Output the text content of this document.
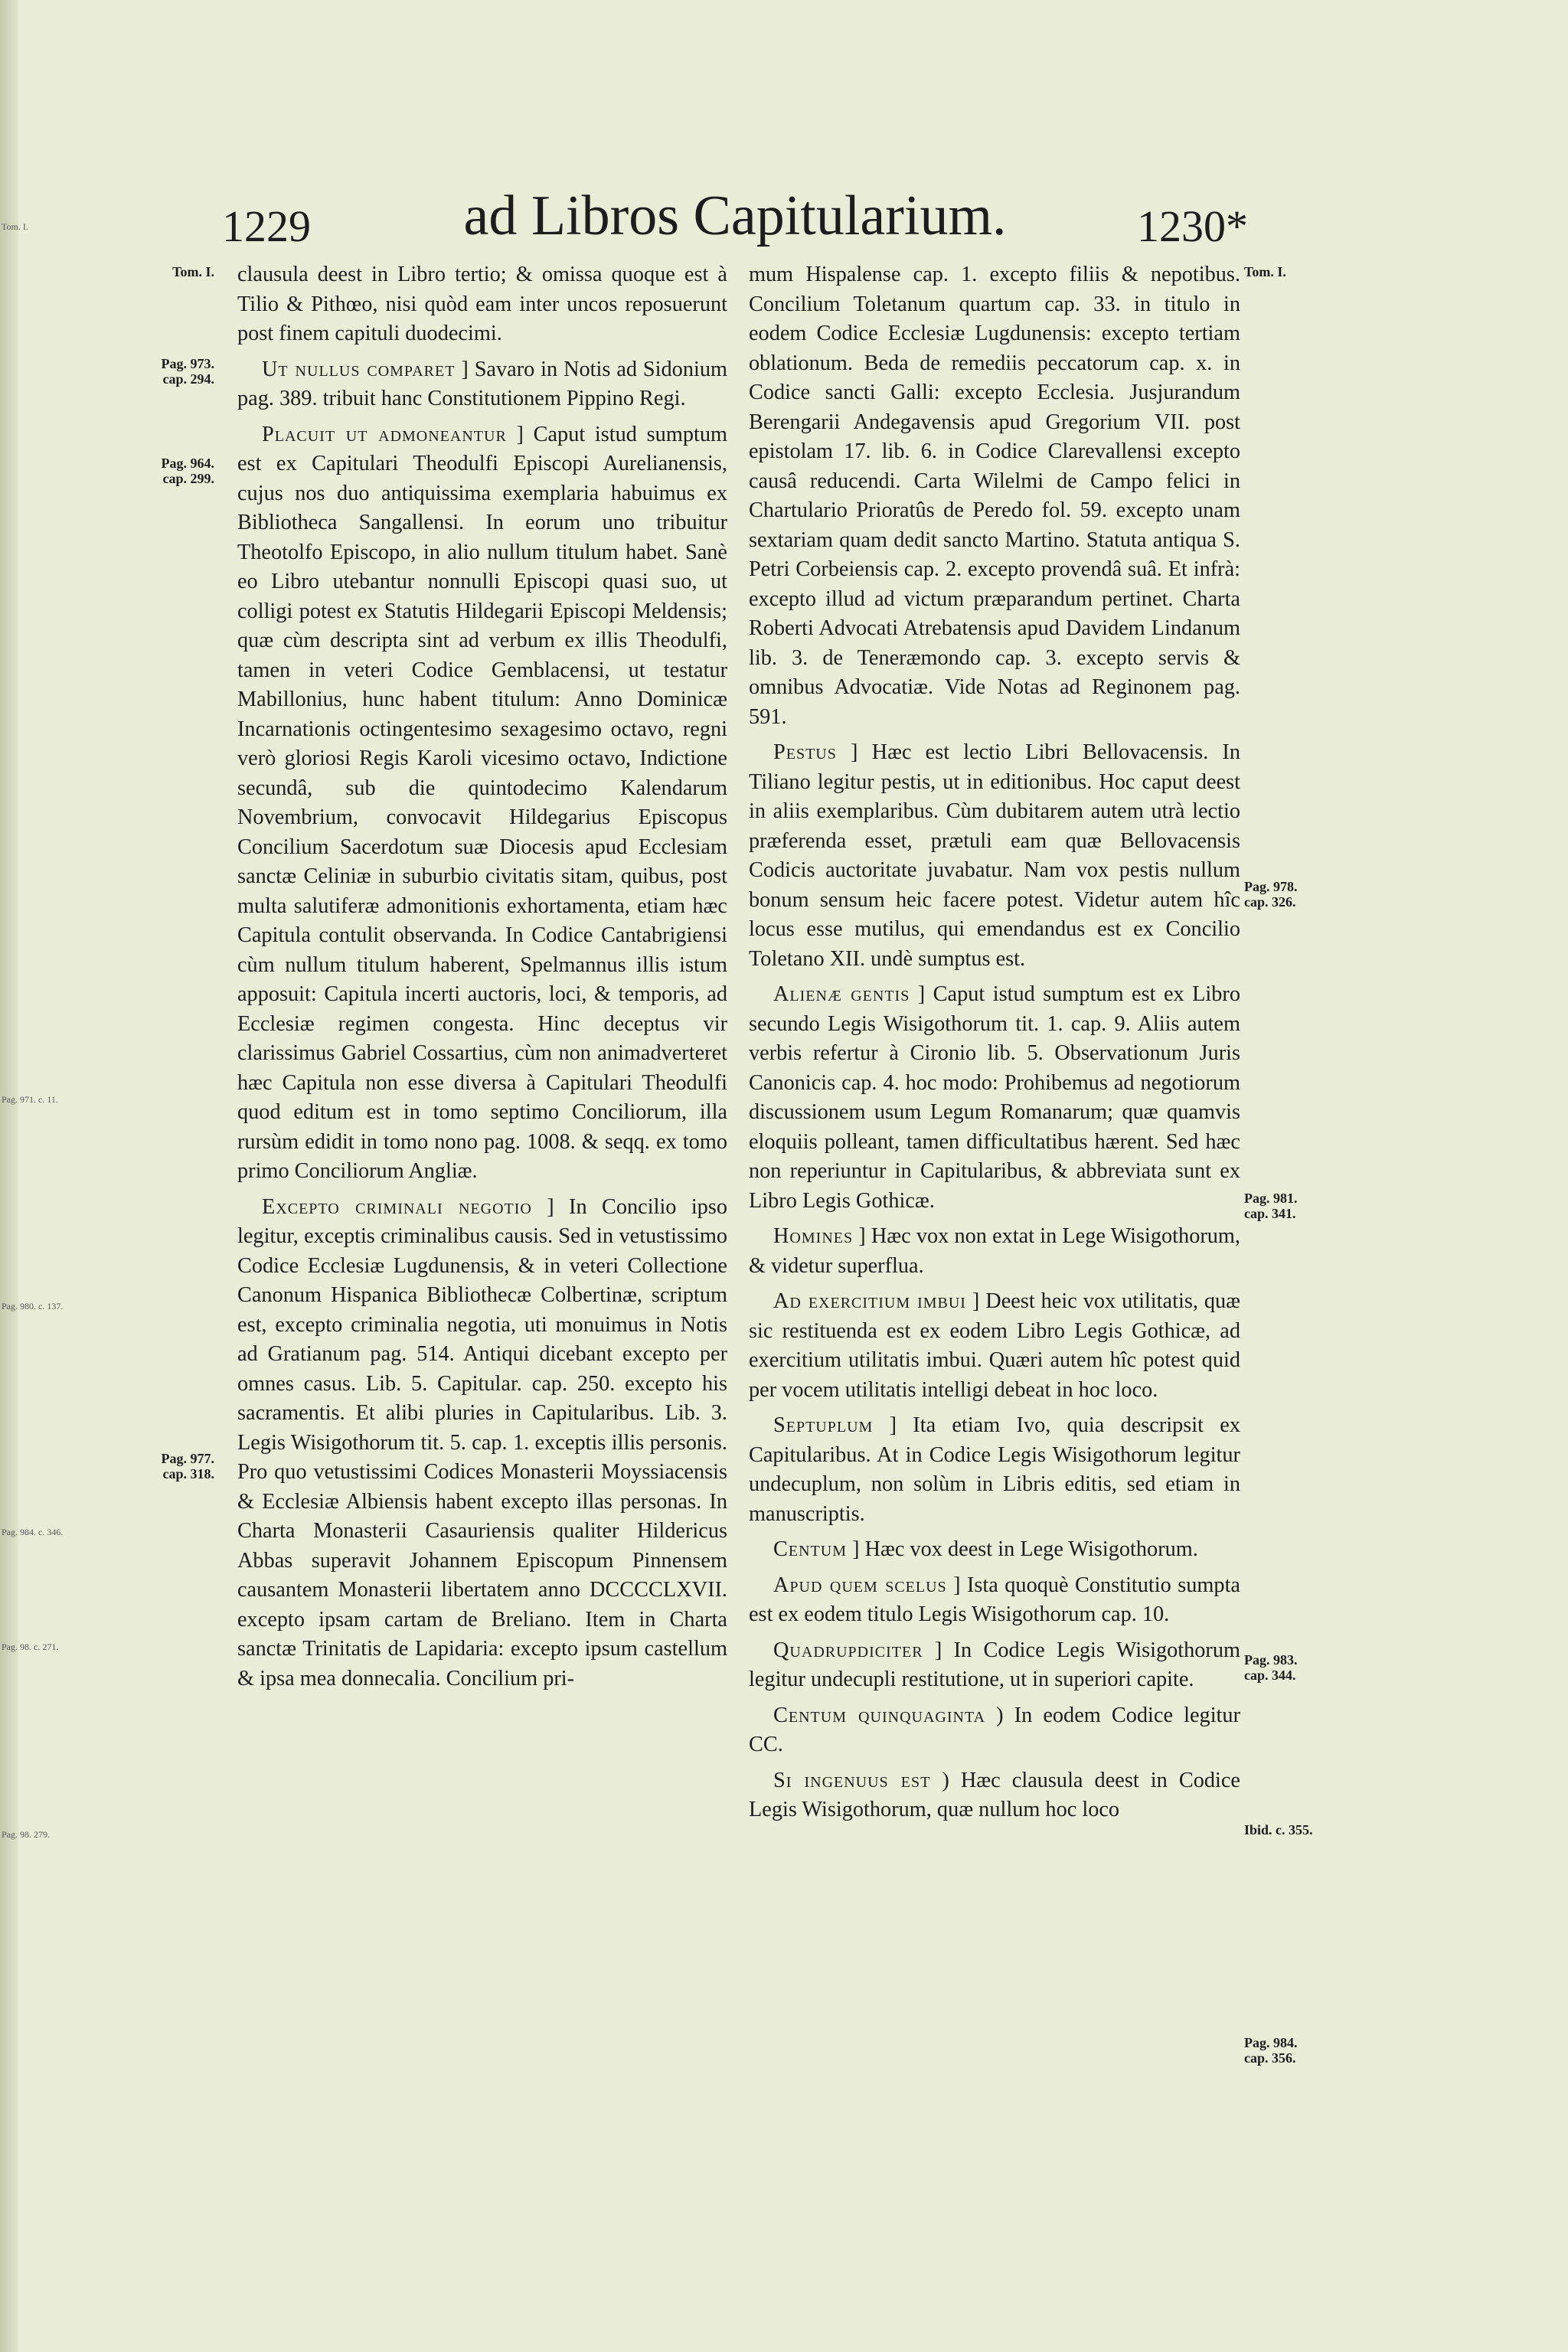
Tom. I.
Pag. 971. c. 11.
Pag. 980. c. 137.
Pag. 984. c. 346.
Pag. 98. c. 271.
Pag. 98. 279.
1229	ad Libros Capitularium.	1230*
Tom. I.
Pag. 973.
cap. 294.
Pag. 964.
cap. 299.
Pag. 977.
cap. 318.
Tom. I.
Pag. 978.
cap. 326.
Pag. 981.
cap. 341.
Pag. 983.
cap. 344.
Ibid. c. 355.
Pag. 984.
cap. 356.

clausula deest in Libro tertio; & omissa quoque est à Tilio & Pithœo, nisi quòd eam inter uncos reposuerunt post finem capituli duodecimi.

Ut nullus comparet ] Savaro in Notis ad Sidonium pag. 389. tribuit hanc Constitutionem Pippino Regi.

Placuit ut admoneantur ] Caput istud sumptum est ex Capitulari Theodulfi Episcopi Aurelianensis, cujus nos duo antiquissima exemplaria habuimus ex Bibliotheca Sangallensi. In eorum uno tribuitur Theotolfo Episcopo, in alio nullum titulum habet. Sanè eo Libro utebantur nonnulli Episcopi quasi suo, ut colligi potest ex Statutis Hildegarii Episcopi Meldensis; quæ cùm descripta sint ad verbum ex illis Theodulfi, tamen in veteri Codice Gemblacensi, ut testatur Mabillonius, hunc habent titulum: Anno Dominicæ Incarnationis octingentesimo sexagesimo octavo, regni verò gloriosi Regis Karoli vicesimo octavo, Indictione secundâ, sub die quintodecimo Kalendarum Novembrium, convocavit Hildegarius Episcopus Concilium Sacerdotum suæ Diocesis apud Ecclesiam sanctæ Celiniæ in suburbio civitatis sitam, quibus, post multa salutiferæ admonitionis exhortamenta, etiam hæc Capitula contulit observanda. In Codice Cantabrigiensi cùm nullum titulum haberent, Spelmannus illis istum apposuit: Capitula incerti auctoris, loci, & temporis, ad Ecclesiæ regimen congesta. Hinc deceptus vir clarissimus Gabriel Cossartius, cùm non animadverteret hæc Capitula non esse diversa à Capitulari Theodulfi quod editum est in tomo septimo Conciliorum, illa rursùm edidit in tomo nono pag. 1008. & seqq. ex tomo primo Conciliorum Angliæ.

Excepto criminali negotio ] In Concilio ipso legitur, exceptis criminalibus causis. Sed in vetustissimo Codice Ecclesiæ Lugdunensis, & in veteri Collectione Canonum Hispanica Bibliothecæ Colbertinæ, scriptum est, excepto criminalia negotia, uti monuimus in Notis ad Gratianum pag. 514. Antiqui dicebant excepto per omnes casus. Lib. 5. Capitular. cap. 250. excepto his sacramentis. Et alibi pluries in Capitularibus. Lib. 3. Legis Wisigothorum tit. 5. cap. 1. exceptis illis personis. Pro quo vetustissimi Codices Monasterii Moyssiacensis & Ecclesiæ Albiensis habent excepto illas personas. In Charta Monasterii Casauriensis qualiter Hildericus Abbas superavit Johannem Episcopum Pinnensem causantem Monasterii libertatem anno DCCCCLXVII. excepto ipsam cartam de Breliano. Item in Charta sanctæ Trinitatis de Lapidaria: excepto ipsum castellum & ipsa mea donnecalia. Concilium pri-

mum Hispalense cap. 1. excepto filiis & nepotibus. Concilium Toletanum quartum cap. 33. in titulo in eodem Codice Ecclesiæ Lugdunensis: excepto tertiam oblationum. Beda de remediis peccatorum cap. x. in Codice sancti Galli: excepto Ecclesia. Jusjurandum Berengarii Andegavensis apud Gregorium VII. post epistolam 17. lib. 6. in Codice Clarevallensi excepto causâ reducendi. Carta Wilelmi de Campo felici in Chartulario Prioratûs de Peredo fol. 59. excepto unam sextariam quam dedit sancto Martino. Statuta antiqua S. Petri Corbeiensis cap. 2. excepto provendâ suâ. Et infrà: excepto illud ad victum præparandum pertinet. Charta Roberti Advocati Atrebatensis apud Davidem Lindanum lib. 3. de Teneræmondo cap. 3. excepto servis & omnibus Advocatiæ. Vide Notas ad Reginonem pag. 591.

Pestus ] Hæc est lectio Libri Bellovacensis. In Tiliano legitur pestis, ut in editionibus. Hoc caput deest in aliis exemplaribus. Cùm dubitarem autem utrà lectio præferenda esset, prætuli eam quæ Bellovacensis Codicis auctoritate juvabatur. Nam vox pestis nullum bonum sensum heic facere potest. Videtur autem hîc locus esse mutilus, qui emendandus est ex Concilio Toletano XII. undè sumptus est.

Alienæ gentis ] Caput istud sumptum est ex Libro secundo Legis Wisigothorum tit. 1. cap. 9. Aliis autem verbis refertur à Cironio lib. 5. Observationum Juris Canonicis cap. 4. hoc modo: Prohibemus ad negotiorum discussionem usum Legum Romanarum; quæ quamvis eloquiis polleant, tamen difficultatibus hærent. Sed hæc non reperiuntur in Capitularibus, & abbreviata sunt ex Libro Legis Gothicæ.

Homines ] Hæc vox non extat in Lege Wisigothorum, & videtur superflua.

Ad exercitium imbui ] Deest heic vox utilitatis, quæ sic restituenda est ex eodem Libro Legis Gothicæ, ad exercitium utilitatis imbui. Quæri autem hîc potest quid per vocem utilitatis intelligi debeat in hoc loco.

Septuplum ] Ita etiam Ivo, quia descripsit ex Capitularibus. At in Codice Legis Wisigothorum legitur undecuplum, non solùm in Libris editis, sed etiam in manuscriptis.

Centum ] Hæc vox deest in Lege Wisigothorum.

Apud quem scelus ] Ista quoquè Constitutio sumpta est ex eodem titulo Legis Wisigothorum cap. 10.

Quadrupdiciter ] In Codice Legis Wisigothorum legitur undecupli restitutione, ut in superiori capite.

Centum quinquaginta ) In eodem Codice legitur CC.

Si ingenuus est ) Hæc clausula deest in Codice Legis Wisigothorum, quæ nullum hoc loco
